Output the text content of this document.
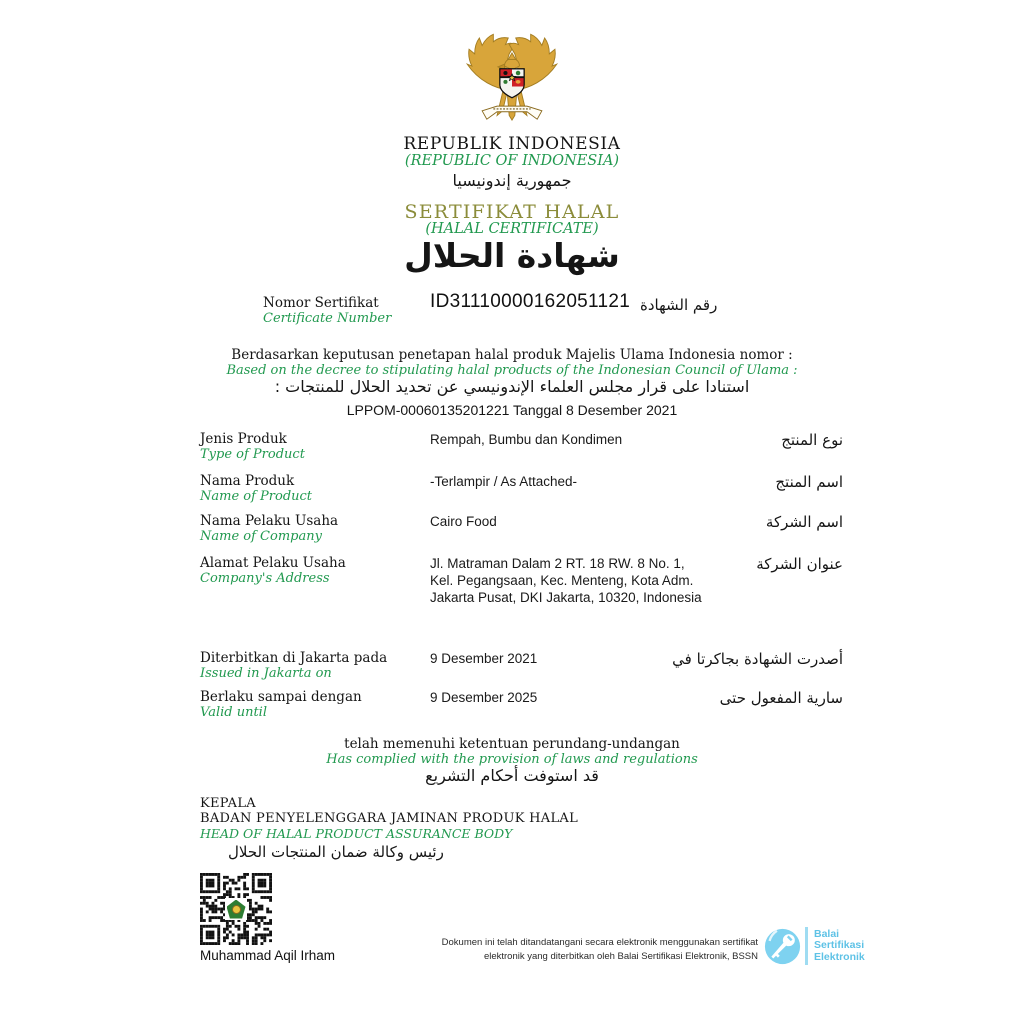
REPUBLIK INDONESIA
(REPUBLIC OF INDONESIA)
جمهورية إندونيسيا
SERTIFIKAT HALAL
(HALAL CERTIFICATE)
شهادة الحلال
Nomor Sertifikat
Certificate Number
ID31110000162051121 رقم الشهادة
Berdasarkan keputusan penetapan halal produk Majelis Ulama Indonesia nomor :
Based on the decree to stipulating halal products of the Indonesian Council of Ulama :
استنادا على قرار مجلس العلماء الإندونيسي عن تحديد الحلال للمنتجات :
LPPOM-00060135201221 Tanggal 8 Desember 2021
Jenis Produk
Type of Product
Rempah, Bumbu dan Kondimen	نوع المنتج
Nama Produk
Name of Product
-Terlampir / As Attached-	اسم المنتج
Nama Pelaku Usaha
Name of Company
Cairo Food	اسم الشركة
Alamat Pelaku Usaha
Company's Address
Jl. Matraman Dalam 2 RT. 18 RW. 8 No. 1, Kel. Pegangsaan, Kec. Menteng, Kota Adm. Jakarta Pusat, DKI Jakarta, 10320, Indonesia
عنوان الشركة
Diterbitkan di Jakarta pada
Issued in Jakarta on
9 Desember 2021	أصدرت الشهادة بجاكرتا في
Berlaku sampai dengan
Valid until
9 Desember 2025	سارية المفعول حتى
telah memenuhi ketentuan perundang-undangan
Has complied with the provision of laws and regulations
قد استوفت أحكام التشريع
KEPALA
BADAN PENYELENGGARA JAMINAN PRODUK HALAL
HEAD OF HALAL PRODUCT ASSURANCE BODY
رئيس وكالة ضمان المنتجات الحلال
Muhammad Aqil Irham
Dokumen ini telah ditandatangani secara elektronik menggunakan sertifikat
elektronik yang diterbitkan oleh Balai Sertifikasi Elektronik, BSSN
Balai
Sertifikasi
Elektronik
